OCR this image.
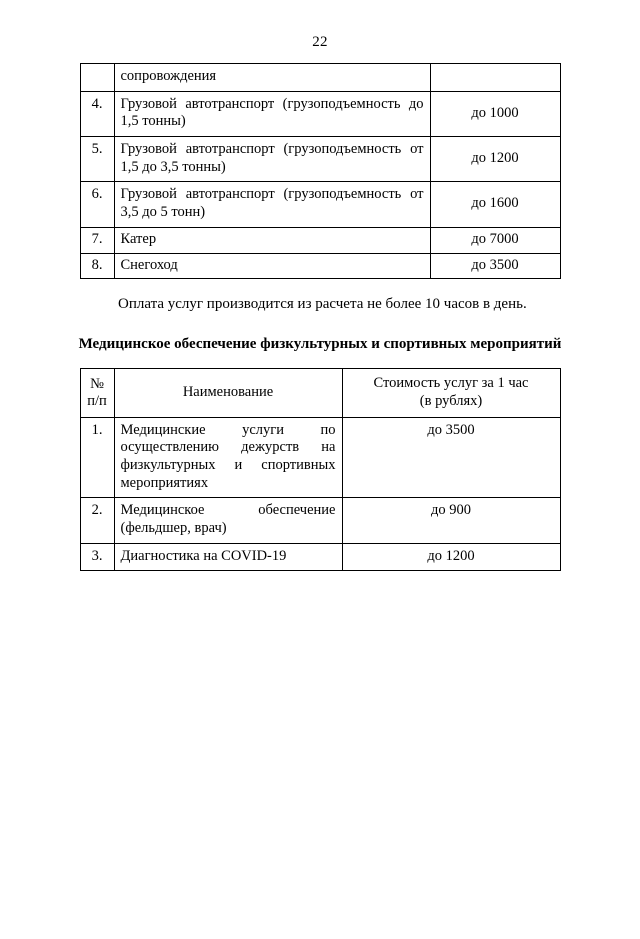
22
	сопровождения	
4.	Грузовой автотранспорт (грузоподъемность до 1,5 тонны)	до 1000
5.	Грузовой автотранспорт (грузоподъемность от 1,5 до 3,5 тонны)	до 1200
6.	Грузовой автотранспорт (грузоподъемность от 3,5 до 5 тонн)	до 1600
7.	Катер	до 7000
8.	Снегоход	до 3500

Оплата услуг производится из расчета не более 10 часов в день.

Медицинское обеспечение физкультурных и спортивных мероприятий
№
п/п	Наименование	Стоимость услуг за 1 час
(в рублях)
1.	Медицинские услуги по осуществлению дежурств на физкультурных и спортивных мероприятиях	до 3500
2.	Медицинское обеспечение (фельдшер, врач)	до 900
3.	Диагностика на COVID-19	до 1200
